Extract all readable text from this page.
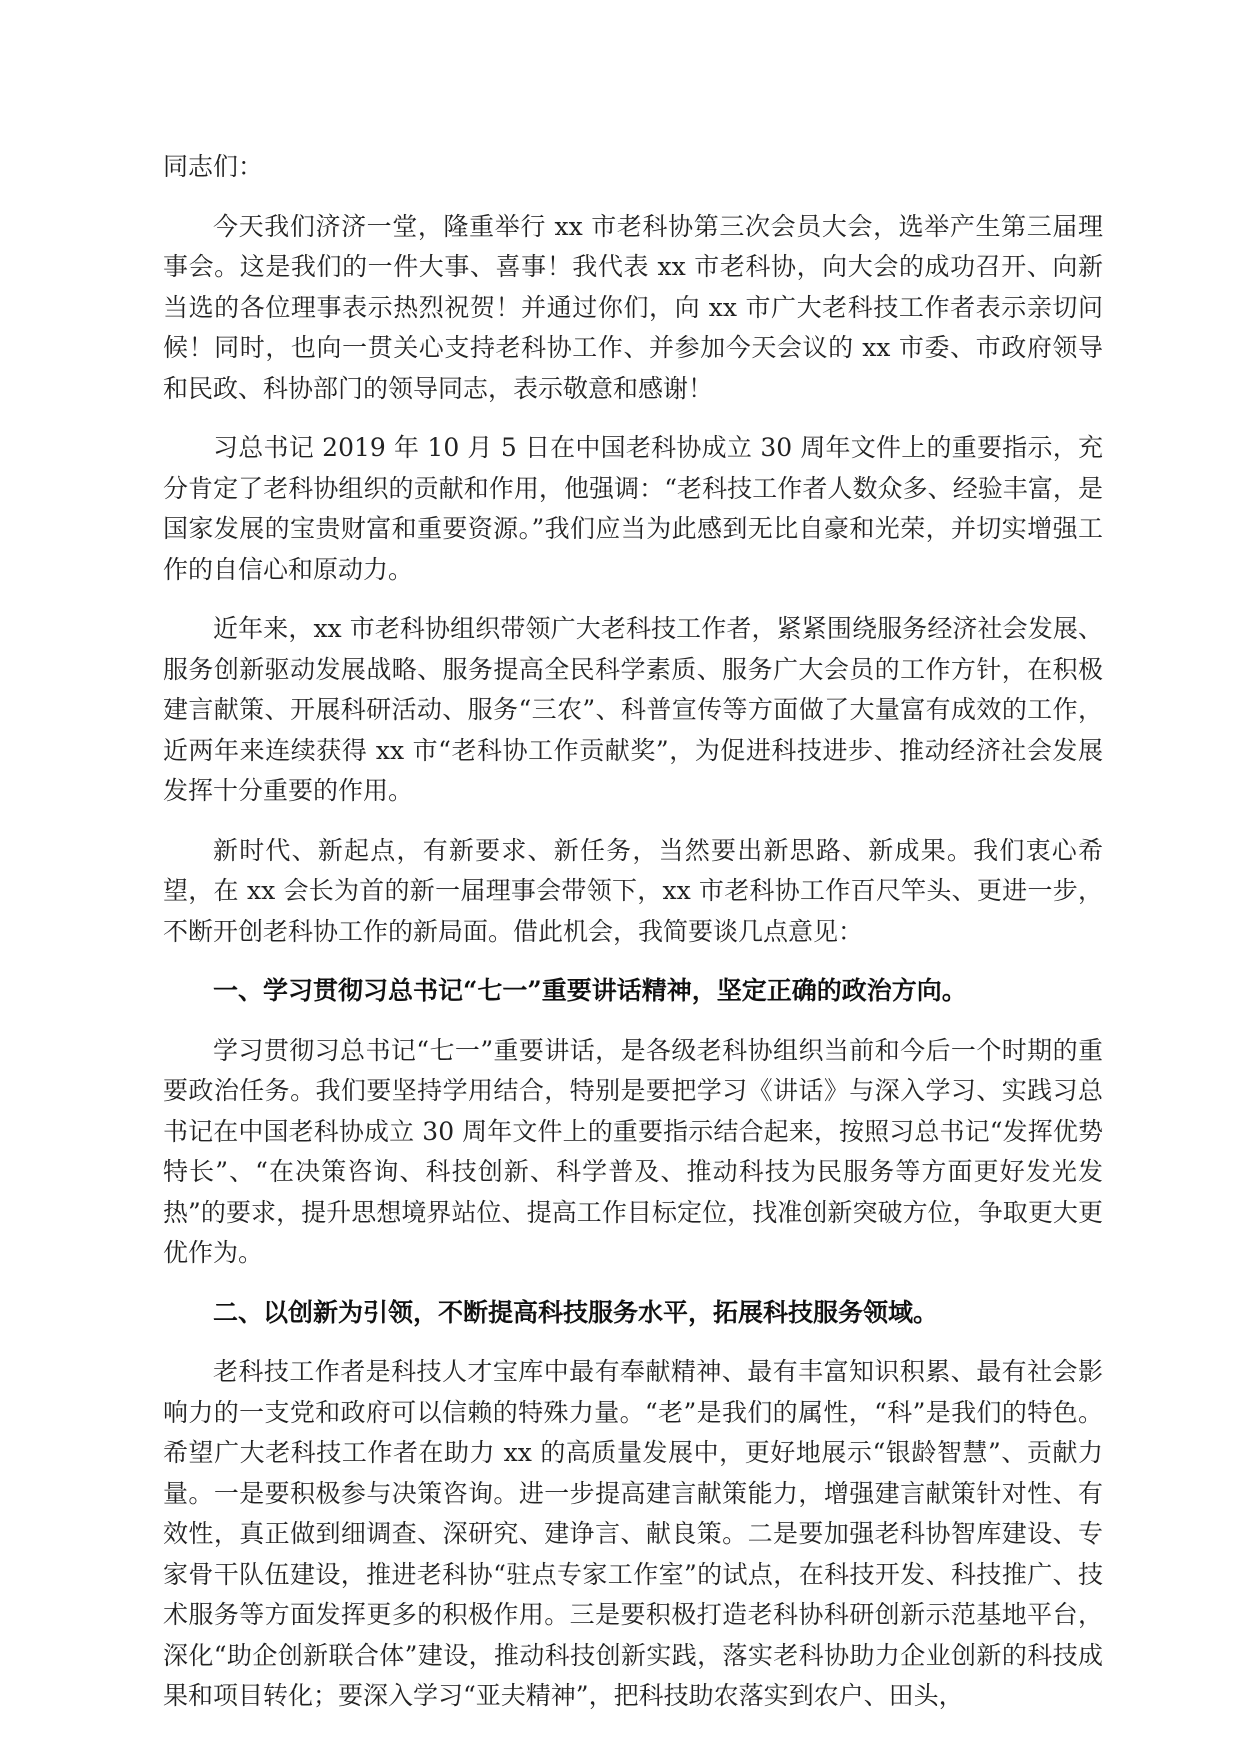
同志们：

今天我们济济一堂，隆重举行 xx 市老科协第三次会员大会，选举产生第三届理事会。这是我们的一件大事、喜事！我代表 xx 市老科协，向大会的成功召开、向新当选的各位理事表示热烈祝贺！并通过你们，向 xx 市广大老科技工作者表示亲切问候！同时，也向一贯关心支持老科协工作、并参加今天会议的 xx 市委、市政府领导和民政、科协部门的领导同志，表示敬意和感谢！

习总书记 2019 年 10 月 5 日在中国老科协成立 30 周年文件上的重要指示，充分肯定了老科协组织的贡献和作用，他强调：“老科技工作者人数众多、经验丰富，是国家发展的宝贵财富和重要资源。”我们应当为此感到无比自豪和光荣，并切实增强工作的自信心和原动力。

近年来，xx 市老科协组织带领广大老科技工作者，紧紧围绕服务经济社会发展、服务创新驱动发展战略、服务提高全民科学素质、服务广大会员的工作方针，在积极建言献策、开展科研活动、服务“三农”、科普宣传等方面做了大量富有成效的工作，近两年来连续获得 xx 市“老科协工作贡献奖”，为促进科技进步、推动经济社会发展发挥十分重要的作用。

新时代、新起点，有新要求、新任务，当然要出新思路、新成果。我们衷心希望，在 xx 会长为首的新一届理事会带领下，xx 市老科协工作百尺竿头、更进一步，不断开创老科协工作的新局面。借此机会，我简要谈几点意见：

一、学习贯彻习总书记“七一”重要讲话精神，坚定正确的政治方向。

学习贯彻习总书记“七一”重要讲话，是各级老科协组织当前和今后一个时期的重要政治任务。我们要坚持学用结合，特别是要把学习《讲话》与深入学习、实践习总书记在中国老科协成立 30 周年文件上的重要指示结合起来，按照习总书记“发挥优势特长”、“在决策咨询、科技创新、科学普及、推动科技为民服务等方面更好发光发热”的要求，提升思想境界站位、提高工作目标定位，找准创新突破方位，争取更大更优作为。

二、以创新为引领，不断提高科技服务水平，拓展科技服务领域。

老科技工作者是科技人才宝库中最有奉献精神、最有丰富知识积累、最有社会影响力的一支党和政府可以信赖的特殊力量。“老”是我们的属性，“科”是我们的特色。希望广大老科技工作者在助力 xx 的高质量发展中，更好地展示“银龄智慧”、贡献力量。一是要积极参与决策咨询。进一步提高建言献策能力，增强建言献策针对性、有效性，真正做到细调查、深研究、建诤言、献良策。二是要加强老科协智库建设、专家骨干队伍建设，推进老科协“驻点专家工作室”的试点，在科技开发、科技推广、技术服务等方面发挥更多的积极作用。三是要积极打造老科协科研创新示范基地平台，深化“助企创新联合体”建设，推动科技创新实践，落实老科协助力企业创新的科技成果和项目转化；要深入学习“亚夫精神”，把科技助农落实到农户、田头，
